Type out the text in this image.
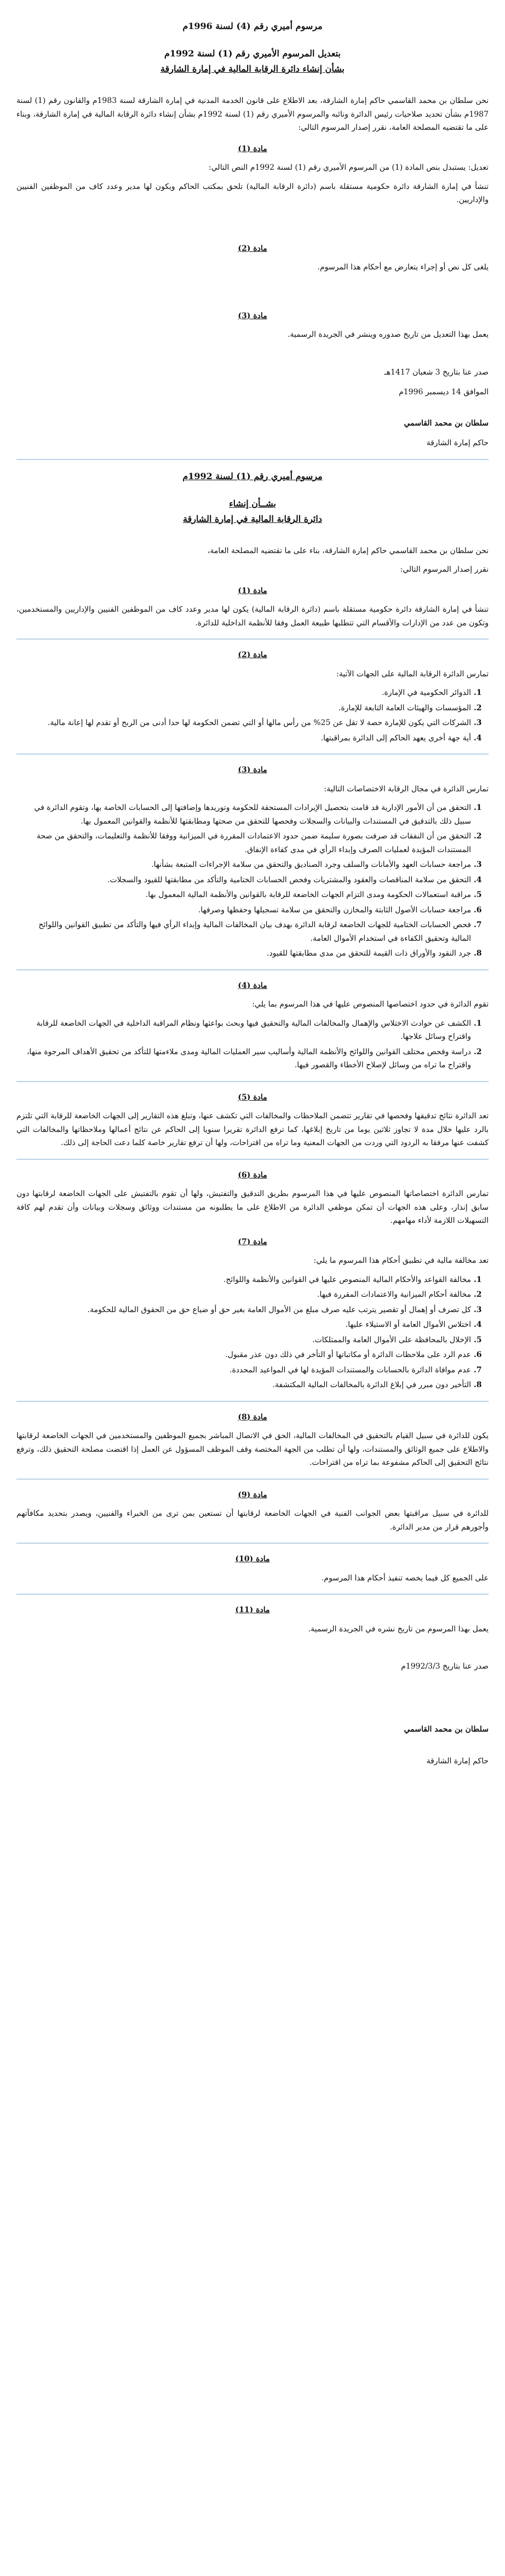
مرسوم أميري رقم (4) لسنة 1996م

بتعديل المرسوم الأميري رقم (1) لسنة 1992م

بشأن إنشاء دائرة الرقابة المالية في إمارة الشارقة

نحن سلطان بن محمد القاسمي حاكم إمارة الشارقة، بعد الاطلاع على قانون الخدمة المدنية في إمارة الشارقة لسنة 1983م والقانون رقم (1) لسنة 1987م بشأن تحديد صلاحيات رئيس الدائرة ونائبه والمرسوم الأميري رقم (1) لسنة 1992م بشأن إنشاء دائرة الرقابة المالية في إمارة الشارقة، وبناء على ما تقتضيه المصلحة العامة، نقرر إصدار المرسوم التالي:

مادة (1)

تعديل: يستبدل بنص المادة (1) من المرسوم الأميري رقم (1) لسنة 1992م النص التالي:

تنشأ في إمارة الشارقة دائرة حكومية مستقلة باسم (دائرة الرقابة المالية) تلحق بمكتب الحاكم ويكون لها مدير وعدد كاف من الموظفين الفنيين والإداريين.

مادة (2)

يلغى كل نص أو إجراء يتعارض مع أحكام هذا المرسوم.

مادة (3)

يعمل بهذا التعديل من تاريخ صدوره وينشر في الجريدة الرسمية.

صدر عنا بتاريخ 3 شعبان 1417هـ

الموافق 14 ديسمبر 1996م

سلطان بن محمد القاسمي

حاكم إمارة الشارقة

مرسوم أميري رقم (1) لسنة 1992م

بشــأن إنشاء

دائرة الرقابة المالية في إمارة الشارقة

نحن سلطان بن محمد القاسمي حاكم إمارة الشارقة، بناء على ما تقتضيه المصلحة العامة،

نقرر إصدار المرسوم التالي:

مادة (1)

تنشأ في إمارة الشارقة دائرة حكومية مستقلة باسم (دائرة الرقابة المالية) يكون لها مدير وعدد كاف من الموظفين الفنيين والإداريين والمستخدمين، وتكون من عدد من الإدارات والأقسام التي تتطلبها طبيعة العمل وفقا للأنظمة الداخلية للدائرة.

مادة (2)

تمارس الدائرة الرقابة المالية على الجهات الآتية:

1. الدوائر الحكومية في الإمارة.
2. المؤسسات والهيئات العامة التابعة للإمارة.
3. الشركات التي يكون للإمارة حصة لا تقل عن 25% من رأس مالها أو التي تضمن الحكومة لها حدا أدنى من الربح أو تقدم لها إعانة مالية.
4. أية جهة أخرى يعهد الحاكم إلى الدائرة بمراقبتها.

مادة (3)

تمارس الدائرة في مجال الرقابة الاختصاصات التالية:

1. التحقق من أن الأمور الإدارية قد قامت بتحصيل الإيرادات المستحقة للحكومة وتوريدها وإضافتها إلى الحسابات الخاصة بها، وتقوم الدائرة في سبيل ذلك بالتدقيق في المستندات والبيانات والسجلات وفحصها للتحقق من صحتها ومطابقتها للأنظمة والقوانين المعمول بها.
2. التحقق من أن النفقات قد صرفت بصورة سليمة ضمن حدود الاعتمادات المقررة في الميزانية ووفقا للأنظمة والتعليمات، والتحقق من صحة المستندات المؤيدة لعمليات الصرف وإبداء الرأي في مدى كفاءة الإنفاق.
3. مراجعة حسابات العهد والأمانات والسلف وجرد الصناديق والتحقق من سلامة الإجراءات المتبعة بشأنها.
4. التحقق من سلامة المناقصات والعقود والمشتريات وفحص الحسابات الختامية والتأكد من مطابقتها للقيود والسجلات.
5. مراقبة استعمالات الحكومة ومدى التزام الجهات الخاضعة للرقابة بالقوانين والأنظمة المالية المعمول بها.
6. مراجعة حسابات الأصول الثابتة والمخازن والتحقق من سلامة تسجيلها وحفظها وصرفها.
7. فحص الحسابات الختامية للجهات الخاضعة لرقابة الدائرة بهدف بيان المخالفات المالية وإبداء الرأي فيها والتأكد من تطبيق القوانين واللوائح المالية وتحقيق الكفاءة في استخدام الأموال العامة.
8. جرد النقود والأوراق ذات القيمة للتحقق من مدى مطابقتها للقيود.

مادة (4)

تقوم الدائرة في حدود اختصاصها المنصوص عليها في هذا المرسوم بما يلي:

1. الكشف عن حوادث الاختلاس والإهمال والمخالفات المالية والتحقيق فيها وبحث بواعثها ونظام المراقبة الداخلية في الجهات الخاضعة للرقابة واقتراح وسائل علاجها.
2. دراسة وفحص مختلف القوانين واللوائح والأنظمة المالية وأساليب سير العمليات المالية ومدى ملاءمتها للتأكد من تحقيق الأهداف المرجوة منها، واقتراح ما تراه من وسائل لإصلاح الأخطاء والقصور فيها.

مادة (5)

تعد الدائرة نتائج تدقيقها وفحصها في تقارير تتضمن الملاحظات والمخالفات التي تكشف عنها، وتبلغ هذه التقارير إلى الجهات الخاضعة للرقابة التي تلتزم بالرد عليها خلال مدة لا تجاوز ثلاثين يوما من تاريخ إبلاغها، كما ترفع الدائرة تقريرا سنويا إلى الحاكم عن نتائج أعمالها وملاحظاتها والمخالفات التي كشفت عنها مرفقا به الردود التي وردت من الجهات المعنية وما تراه من اقتراحات، ولها أن ترفع تقارير خاصة كلما دعت الحاجة إلى ذلك.

مادة (6)

تمارس الدائرة اختصاصاتها المنصوص عليها في هذا المرسوم بطريق التدقيق والتفتيش، ولها أن تقوم بالتفتيش على الجهات الخاضعة لرقابتها دون سابق إنذار، وعلى هذه الجهات أن تمكن موظفي الدائرة من الاطلاع على ما يطلبونه من مستندات ووثائق وسجلات وبيانات وأن تقدم لهم كافة التسهيلات اللازمة لأداء مهامهم.

مادة (7)

تعد مخالفة مالية في تطبيق أحكام هذا المرسوم ما يلي:

1. مخالفة القواعد والأحكام المالية المنصوص عليها في القوانين والأنظمة واللوائح.
2. مخالفة أحكام الميزانية والاعتمادات المقررة فيها.
3. كل تصرف أو إهمال أو تقصير يترتب عليه صرف مبلغ من الأموال العامة بغير حق أو ضياع حق من الحقوق المالية للحكومة.
4. اختلاس الأموال العامة أو الاستيلاء عليها.
5. الإخلال بالمحافظة على الأموال العامة والممتلكات.
6. عدم الرد على ملاحظات الدائرة أو مكاتباتها أو التأخر في ذلك دون عذر مقبول.
7. عدم موافاة الدائرة بالحسابات والمستندات المؤيدة لها في المواعيد المحددة.
8. التأخير دون مبرر في إبلاغ الدائرة بالمخالفات المالية المكتشفة.

مادة (8)

يكون للدائرة في سبيل القيام بالتحقيق في المخالفات المالية، الحق في الاتصال المباشر بجميع الموظفين والمستخدمين في الجهات الخاضعة لرقابتها والاطلاع على جميع الوثائق والمستندات، ولها أن تطلب من الجهة المختصة وقف الموظف المسؤول عن العمل إذا اقتضت مصلحة التحقيق ذلك، وترفع نتائج التحقيق إلى الحاكم مشفوعة بما تراه من اقتراحات.

مادة (9)

للدائرة في سبيل مراقبتها بعض الجوانب الفنية في الجهات الخاضعة لرقابتها أن تستعين بمن ترى من الخبراء والفنيين، ويصدر بتحديد مكافآتهم وأجورهم قرار من مدير الدائرة.

مادة (10)

على الجميع كل فيما يخصه تنفيذ أحكام هذا المرسوم.

مادة (11)

يعمل بهذا المرسوم من تاريخ نشره في الجريدة الرسمية.

صدر عنا بتاريخ 1992/3/3م

سلطان بن محمد القاسمي

حاكم إمارة الشارقة
